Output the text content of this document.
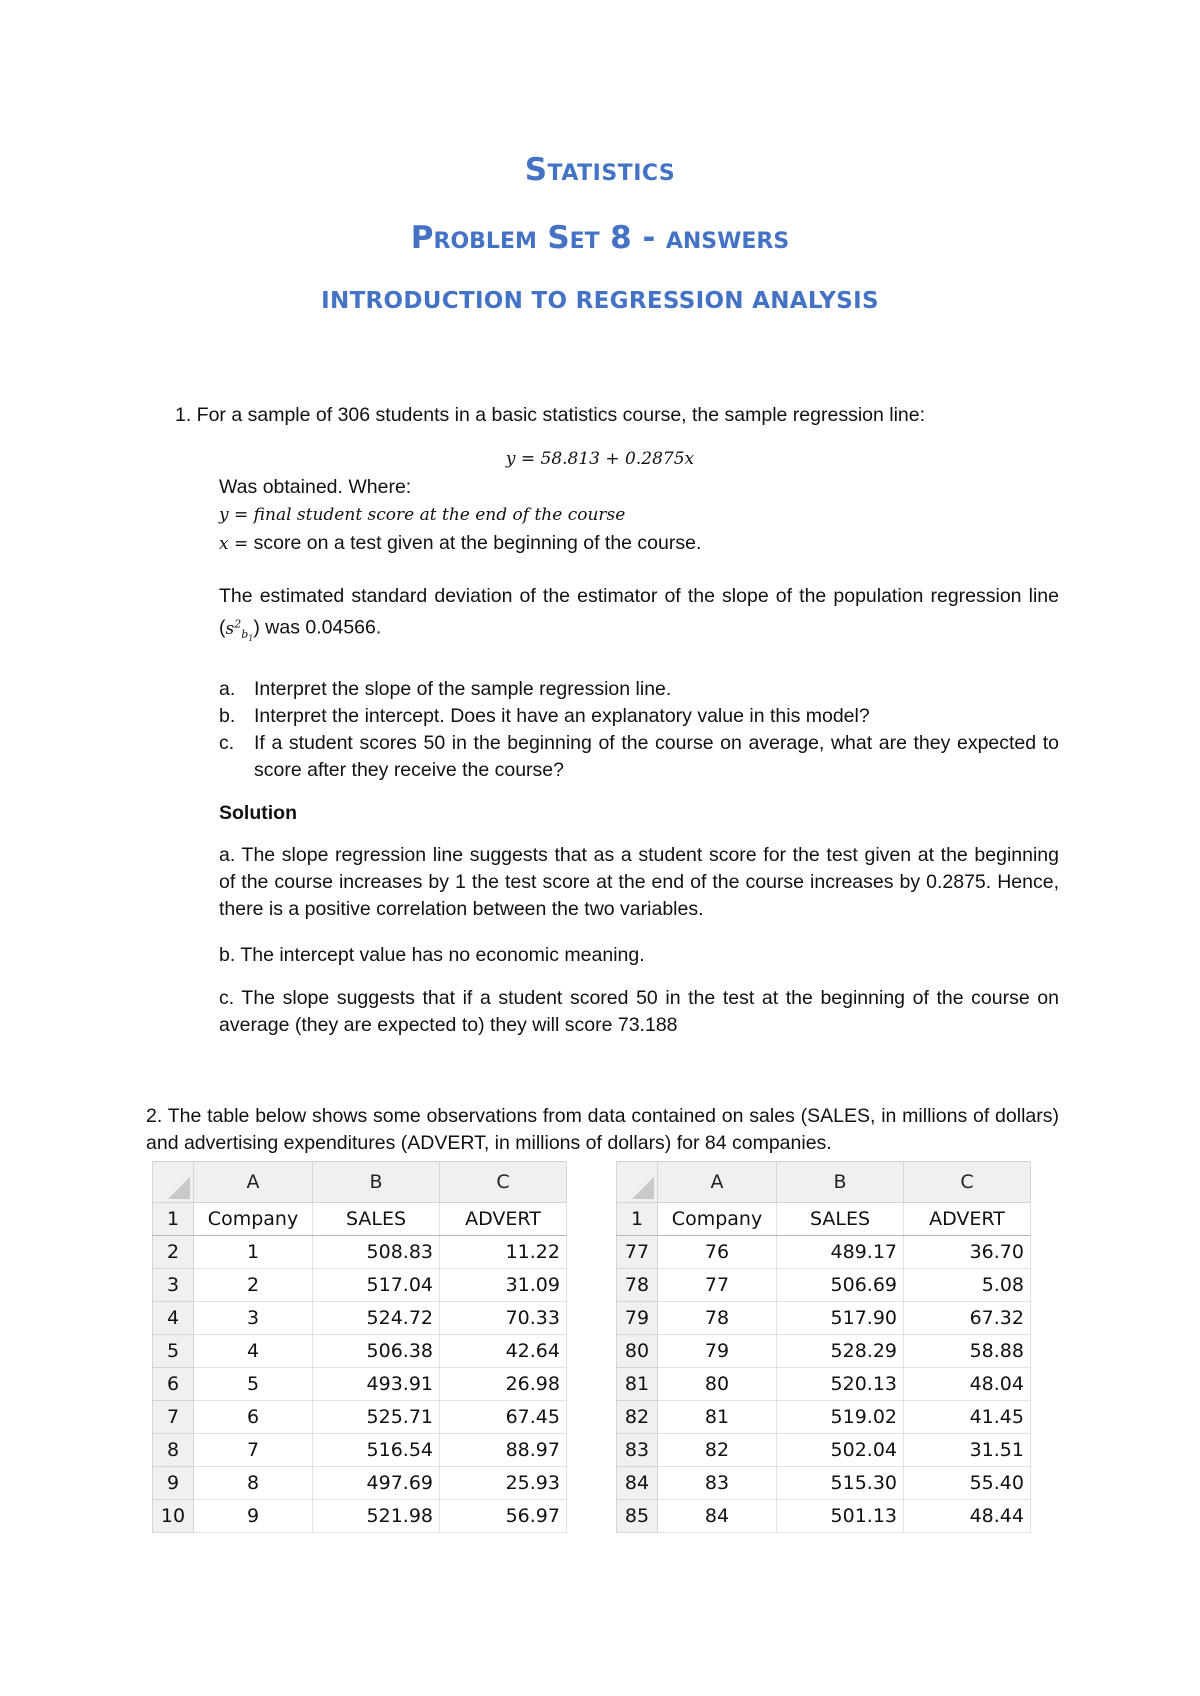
STATISTICS
PROBLEM SET 8 - ANSWERS
INTRODUCTION TO REGRESSION ANALYSIS
1. For a sample of 306 students in a basic statistics course, the sample regression line:
y = 58.813 + 0.2875x
Was obtained. Where:
y = final student score at the end of the course
x = score on a test given at the beginning of the course.
The estimated standard deviation of the estimator of the slope of the population regression line $(s^2_{b_1})$ was 0.04566.
a. Interpret the slope of the sample regression line.
b. Interpret the intercept. Does it have an explanatory value in this model?
c.	If a student scores 50 in the beginning of the course on average, what are they expected to score after they receive the course?
Solution
a. The slope regression line suggests that as a student score for the test given at the beginning of the course increases by 1 the test score at the end of the course increases by 0.2875. Hence, there is a positive correlation between the two variables.
b. The intercept value has no economic meaning.
c. The slope suggests that if a student scored 50 in the test at the beginning of the course on average (they are expected to) they will score 73.188
2. The table below shows some observations from data contained on sales (SALES, in millions of dollars) and advertising expenditures (ADVERT, in millions of dollars) for 84 companies.
	A	B	C
1	Company	SALES	ADVERT
2	1	508.83	11.22
3	2	517.04	31.09
4	3	524.72	70.33
5	4	506.38	42.64
6	5	493.91	26.98
7	6	525.71	67.45
8	7	516.54	88.97
9	8	497.69	25.93
10	9	521.98	56.97
	A	B	C
1	Company	SALES	ADVERT
77	76	489.17	36.70
78	77	506.69	5.08
79	78	517.90	67.32
80	79	528.29	58.88
81	80	520.13	48.04
82	81	519.02	41.45
83	82	502.04	31.51
84	83	515.30	55.40
85	84	501.13	48.44
